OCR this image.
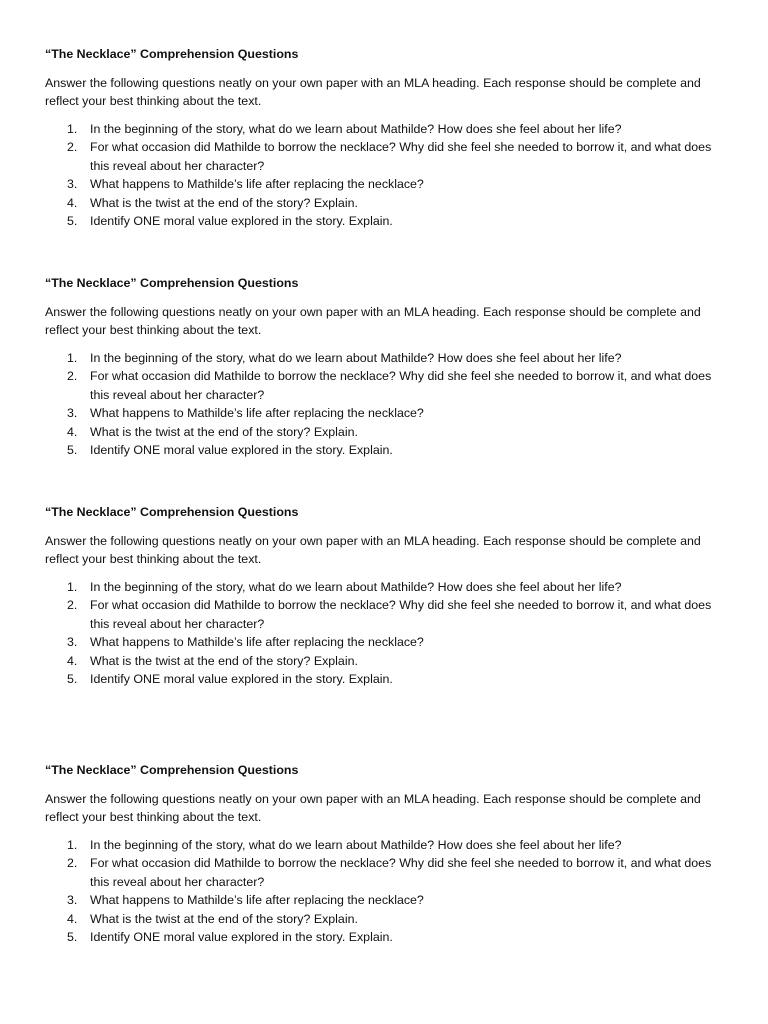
“The Necklace” Comprehension Questions

Answer the following questions neatly on your own paper with an MLA heading. Each response should be complete and
reflect your best thinking about the text.

1.	In the beginning of the story, what do we learn about Mathilde? How does she feel about her life?
2.	For what occasion did Mathilde to borrow the necklace? Why did she feel she needed to borrow it, and what does this reveal about her character?
3.	What happens to Mathilde’s life after replacing the necklace?
4.	What is the twist at the end of the story? Explain.
5.	Identify ONE moral value explored in the story. Explain.

“The Necklace” Comprehension Questions

Answer the following questions neatly on your own paper with an MLA heading. Each response should be complete and
reflect your best thinking about the text.

1.	In the beginning of the story, what do we learn about Mathilde? How does she feel about her life?
2.	For what occasion did Mathilde to borrow the necklace? Why did she feel she needed to borrow it, and what does this reveal about her character?
3.	What happens to Mathilde’s life after replacing the necklace?
4.	What is the twist at the end of the story? Explain.
5.	Identify ONE moral value explored in the story. Explain.

“The Necklace” Comprehension Questions

Answer the following questions neatly on your own paper with an MLA heading. Each response should be complete and
reflect your best thinking about the text.

1.	In the beginning of the story, what do we learn about Mathilde? How does she feel about her life?
2.	For what occasion did Mathilde to borrow the necklace? Why did she feel she needed to borrow it, and what does this reveal about her character?
3.	What happens to Mathilde’s life after replacing the necklace?
4.	What is the twist at the end of the story? Explain.
5.	Identify ONE moral value explored in the story. Explain.

“The Necklace” Comprehension Questions

Answer the following questions neatly on your own paper with an MLA heading. Each response should be complete and
reflect your best thinking about the text.

1.	In the beginning of the story, what do we learn about Mathilde? How does she feel about her life?
2.	For what occasion did Mathilde to borrow the necklace? Why did she feel she needed to borrow it, and what does this reveal about her character?
3.	What happens to Mathilde’s life after replacing the necklace?
4.	What is the twist at the end of the story? Explain.
5.	Identify ONE moral value explored in the story. Explain.
